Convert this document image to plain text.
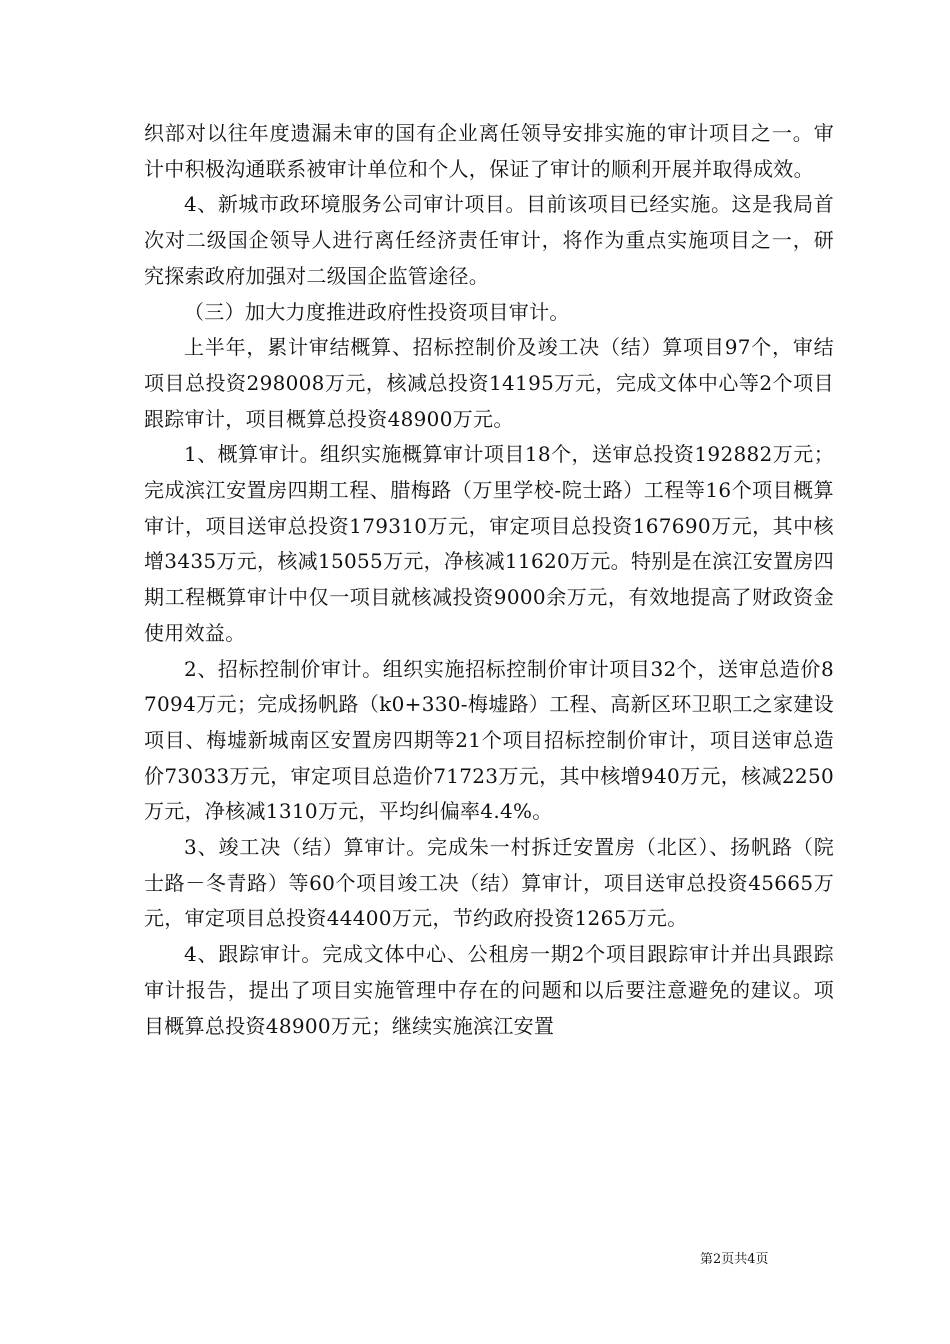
织部对以往年度遗漏未审的国有企业离任领导安排实施的审计项目之一。审计中积极沟通联系被审计单位和个人，保证了审计的顺利开展并取得成效。

4、新城市政环境服务公司审计项目。目前该项目已经实施。这是我局首次对二级国企领导人进行离任经济责任审计，将作为重点实施项目之一，研究探索政府加强对二级国企监管途径。

（三）加大力度推进政府性投资项目审计。

上半年，累计审结概算、招标控制价及竣工决（结）算项目97个，审结项目总投资298008万元，核减总投资14195万元，完成文体中心等2个项目跟踪审计，项目概算总投资48900万元。

1、概算审计。组织实施概算审计项目18个，送审总投资192882万元；完成滨江安置房四期工程、腊梅路（万里学校-院士路）工程等16个项目概算审计，项目送审总投资179310万元，审定项目总投资167690万元，其中核增3435万元，核减15055万元，净核减11620万元。特别是在滨江安置房四期工程概算审计中仅一项目就核减投资9000余万元，有效地提高了财政资金使用效益。

2、招标控制价审计。组织实施招标控制价审计项目32个，送审总造价87094万元；完成扬帆路（k0+330-梅墟路）工程、高新区环卫职工之家建设项目、梅墟新城南区安置房四期等21个项目招标控制价审计，项目送审总造价73033万元，审定项目总造价71723万元，其中核增940万元，核减2250万元，净核减1310万元，平均纠偏率4.4%。

3、竣工决（结）算审计。完成朱一村拆迁安置房（北区）、扬帆路（院士路－冬青路）等60个项目竣工决（结）算审计，项目送审总投资45665万元，审定项目总投资44400万元，节约政府投资1265万元。

4、跟踪审计。完成文体中心、公租房一期2个项目跟踪审计并出具跟踪审计报告，提出了项目实施管理中存在的问题和以后要注意避免的建议。项目概算总投资48900万元；继续实施滨江安置

第2页共4页
